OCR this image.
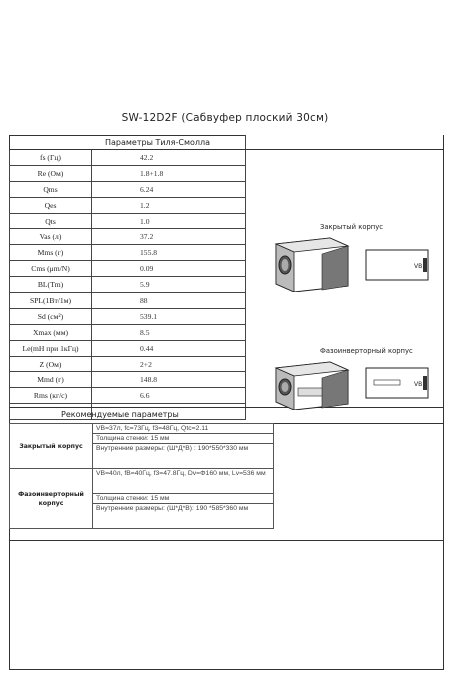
SW-12D2F (Сабвуфер плоский 30см)
Параметры Тиля-Смолла
fs (Гц)	42.2
Re (Ом)	1.8+1.8
Qms	6.24
Qes	1.2
Qts	1.0
Vas (л)	37.2
Mms (г)	155.8
Cms (μm/N)	0.09
BL(Tm)	5.9
SPL(1Вт/1м)	88
Sd (см²)	539.1
Xmax (мм)	8.5
Le(mH при 1кГц)	0.44
Z (Ом)	2+2
Mmd (г)	148.8
Rms (кг/с)	6.6

Закрытый корпус
VB
Фазоинверторный корпус
VB
Рекомендуемые параметры
Закрытый корпус	VB=37л, fc=73Гц, f3=48Гц, Qtc=2.11	
	Толщина стенки: 15 мм	
	Внутренние размеры: (Ш*Д*В) : 190*550*330 мм	
Фазоинверторный корпус	VB=40л, fB=40Гц, f3=47.8Гц, Dv=Φ160 мм, Lv=536 мм	
	Толщина стенки: 15 мм	
	Внутренние размеры: (Ш*Д*В): 190 *585*360 мм	
